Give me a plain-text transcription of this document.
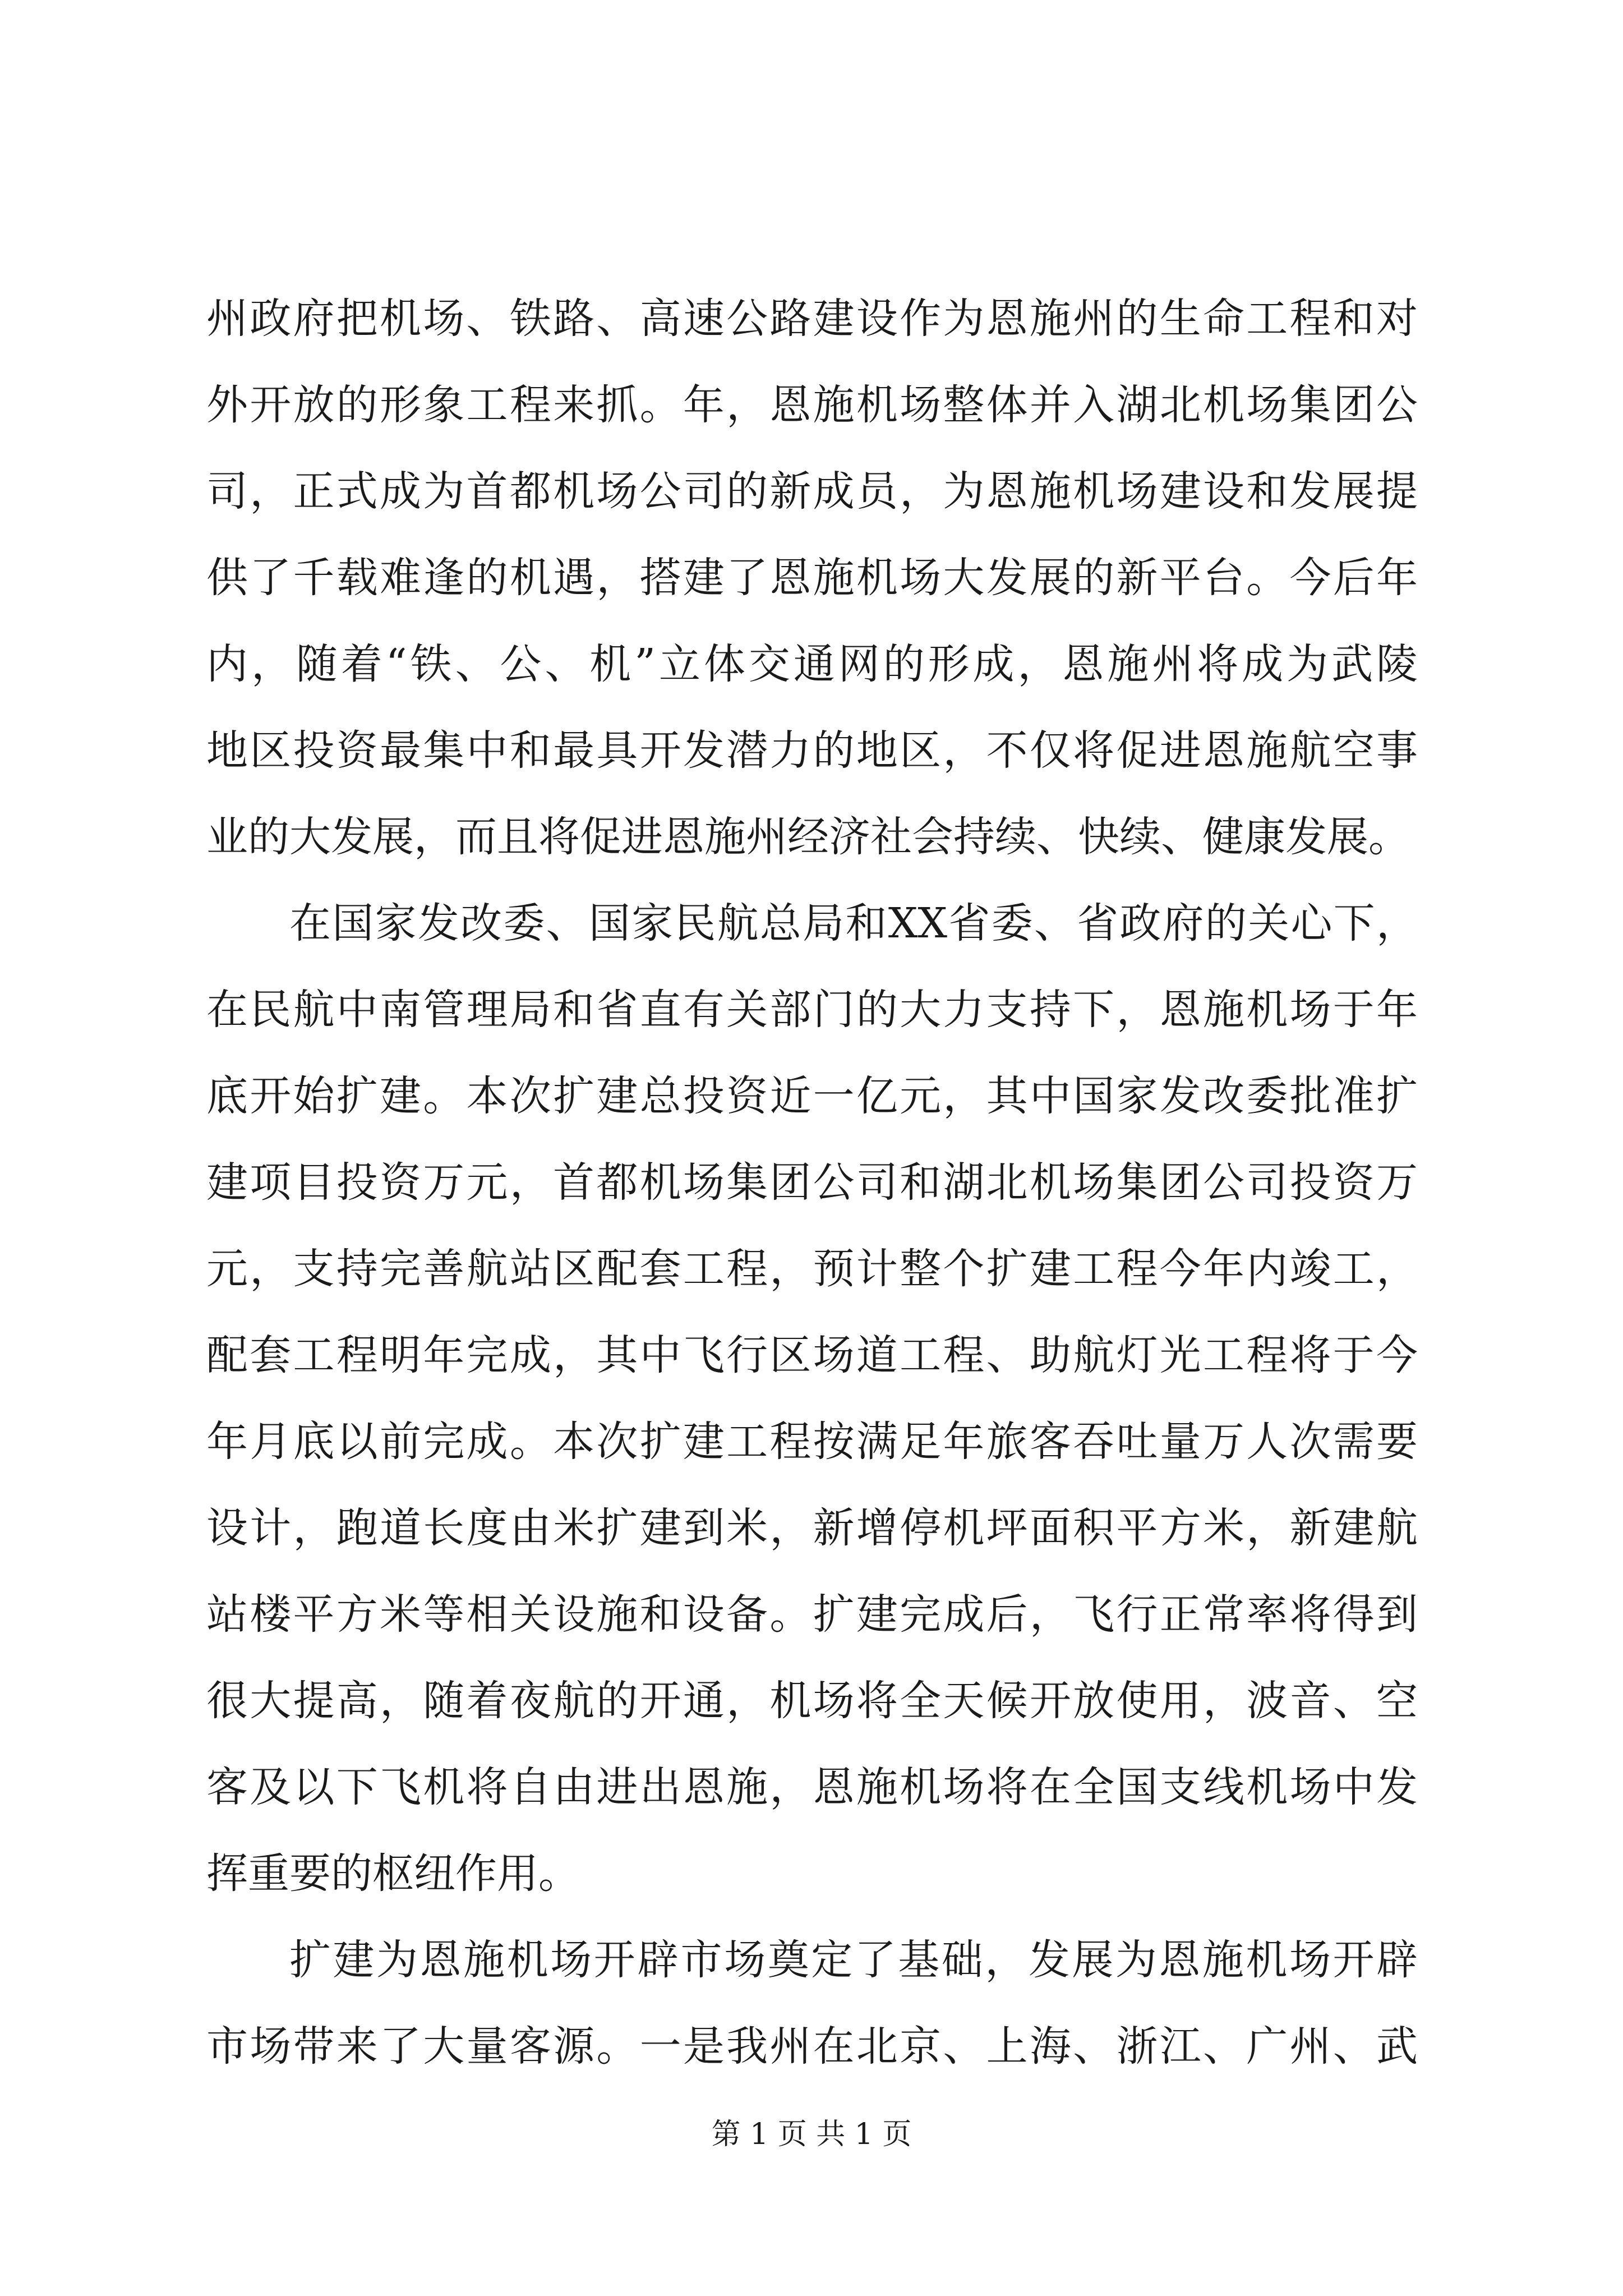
州政府把机场、铁路、高速公路建设作为恩施州的生命工程和对
外开放的形象工程来抓。年，恩施机场整体并入湖北机场集团公
司，正式成为首都机场公司的新成员，为恩施机场建设和发展提
供了千载难逢的机遇，搭建了恩施机场大发展的新平台。今后年
内，随着“铁、公、机”立体交通网的形成，恩施州将成为武陵
地区投资最集中和最具开发潜力的地区，不仅将促进恩施航空事
业的大发展，而且将促进恩施州经济社会持续、快续、健康发展。
在国家发改委、国家民航总局和XX省委、省政府的关心下，
在民航中南管理局和省直有关部门的大力支持下，恩施机场于年
底开始扩建。本次扩建总投资近一亿元，其中国家发改委批准扩
建项目投资万元，首都机场集团公司和湖北机场集团公司投资万
元，支持完善航站区配套工程，预计整个扩建工程今年内竣工，
配套工程明年完成，其中飞行区场道工程、助航灯光工程将于今
年月底以前完成。本次扩建工程按满足年旅客吞吐量万人次需要
设计，跑道长度由米扩建到米，新增停机坪面积平方米，新建航
站楼平方米等相关设施和设备。扩建完成后，飞行正常率将得到
很大提高，随着夜航的开通，机场将全天候开放使用，波音、空
客及以下飞机将自由进出恩施，恩施机场将在全国支线机场中发
挥重要的枢纽作用。
扩建为恩施机场开辟市场奠定了基础，发展为恩施机场开辟
市场带来了大量客源。一是我州在北京、上海、浙江、广州、武
第 1 页 共 1 页
